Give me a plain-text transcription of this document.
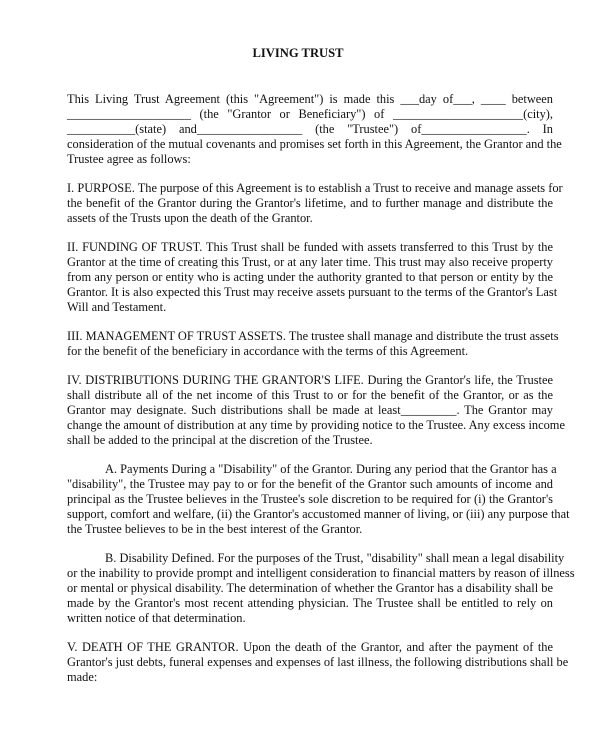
LIVING TRUST
This Living Trust Agreement (this "Agreement") is made this ___day of___, ____ between
____________________ (the "Grantor or Beneficiary") of _____________________(city),
___________(state) and_________________ (the "Trustee") of_________________. In
consideration of the mutual covenants and promises set forth in this Agreement, the Grantor and the
Trustee agree as follows:
I. PURPOSE. The purpose of this Agreement is to establish a Trust to receive and manage assets for
the benefit of the Grantor during the Grantor's lifetime, and to further manage and distribute the
assets of the Trusts upon the death of the Grantor.
II. FUNDING OF TRUST. This Trust shall be funded with assets transferred to this Trust by the
Grantor at the time of creating this Trust, or at any later time. This trust may also receive property
from any person or entity who is acting under the authority granted to that person or entity by the
Grantor. It is also expected this Trust may receive assets pursuant to the terms of the Grantor's Last
Will and Testament.
III. MANAGEMENT OF TRUST ASSETS. The trustee shall manage and distribute the trust assets
for the benefit of the beneficiary in accordance with the terms of this Agreement.
IV. DISTRIBUTIONS DURING THE GRANTOR'S LIFE. During the Grantor's life, the Trustee
shall distribute all of the net income of this Trust to or for the benefit of the Grantor, or as the
Grantor may designate. Such distributions shall be made at least_________. The Grantor may
change the amount of distribution at any time by providing notice to the Trustee. Any excess income
shall be added to the principal at the discretion of the Trustee.
A. Payments During a "Disability" of the Grantor. During any period that the Grantor has a
"disability", the Trustee may pay to or for the benefit of the Grantor such amounts of income and
principal as the Trustee believes in the Trustee's sole discretion to be required for (i) the Grantor's
support, comfort and welfare, (ii) the Grantor's accustomed manner of living, or (iii) any purpose that
the Trustee believes to be in the best interest of the Grantor.
B. Disability Defined. For the purposes of the Trust, "disability" shall mean a legal disability
or the inability to provide prompt and intelligent consideration to financial matters by reason of illness
or mental or physical disability. The determination of whether the Grantor has a disability shall be
made by the Grantor's most recent attending physician. The Trustee shall be entitled to rely on
written notice of that determination.
V. DEATH OF THE GRANTOR. Upon the death of the Grantor, and after the payment of the
Grantor's just debts, funeral expenses and expenses of last illness, the following distributions shall be
made:
